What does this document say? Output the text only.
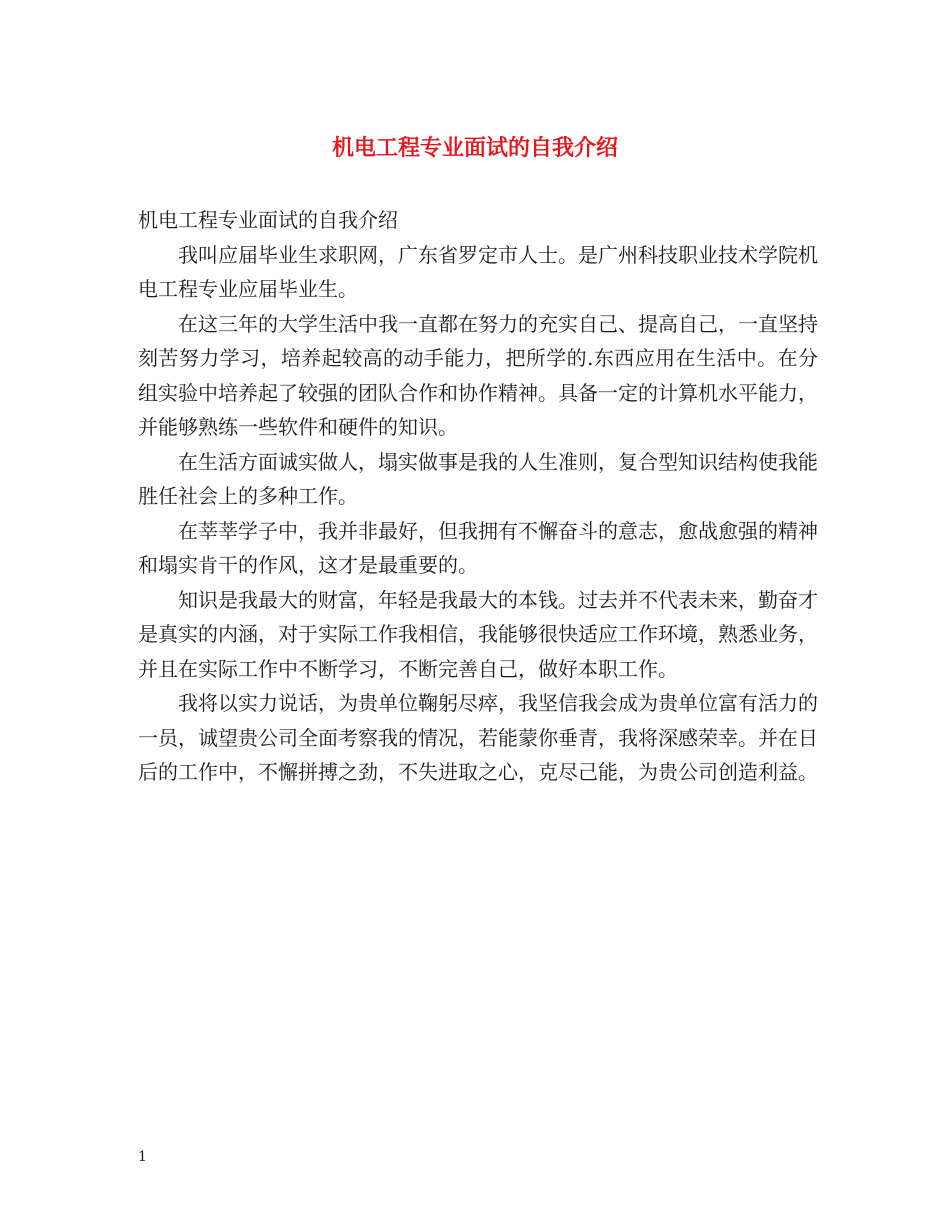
机电工程专业面试的自我介绍

机电工程专业面试的自我介绍

我叫应届毕业生求职网，广东省罗定市人士。是广州科技职业技术学院机电工程专业应届毕业生。

在这三年的大学生活中我一直都在努力的充实自己、提高自己，一直坚持刻苦努力学习，培养起较高的动手能力，把所学的.东西应用在生活中。在分组实验中培养起了较强的团队合作和协作精神。具备一定的计算机水平能力，并能够熟练一些软件和硬件的知识。

在生活方面诚实做人，塌实做事是我的人生准则，复合型知识结构使我能胜任社会上的多种工作。

在莘莘学子中，我并非最好，但我拥有不懈奋斗的意志，愈战愈强的精神和塌实肯干的作风，这才是最重要的。

知识是我最大的财富，年轻是我最大的本钱。过去并不代表未来，勤奋才是真实的内涵，对于实际工作我相信，我能够很快适应工作环境，熟悉业务，并且在实际工作中不断学习，不断完善自己，做好本职工作。

我将以实力说话，为贵单位鞠躬尽瘁，我坚信我会成为贵单位富有活力的一员，诚望贵公司全面考察我的情况，若能蒙你垂青，我将深感荣幸。并在日后的工作中，不懈拼搏之劲，不失进取之心，克尽己能，为贵公司创造利益。

1
